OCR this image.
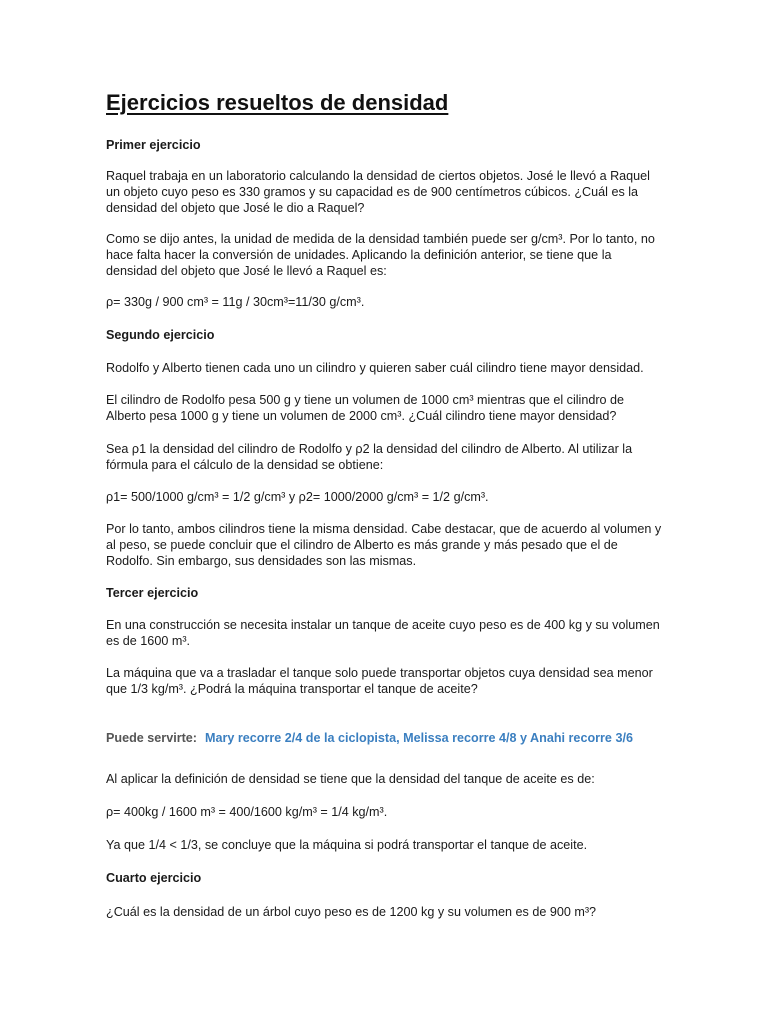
Ejercicios resueltos de densidad

Primer ejercicio

Raquel trabaja en un laboratorio calculando la densidad de ciertos objetos. José le llevó a Raquel un objeto cuyo peso es 330 gramos y su capacidad es de 900 centímetros cúbicos. ¿Cuál es la densidad del objeto que José le dio a Raquel?

Como se dijo antes, la unidad de medida de la densidad también puede ser g/cm³. Por lo tanto, no hace falta hacer la conversión de unidades. Aplicando la definición anterior, se tiene que la densidad del objeto que José le llevó a Raquel es:

ρ= 330g / 900 cm³ = 11g / 30cm³=11/30 g/cm³.

Segundo ejercicio

Rodolfo y Alberto tienen cada uno un cilindro y quieren saber cuál cilindro tiene mayor densidad.

El cilindro de Rodolfo pesa 500 g y tiene un volumen de 1000 cm³ mientras que el cilindro de Alberto pesa 1000 g y tiene un volumen de 2000 cm³. ¿Cuál cilindro tiene mayor densidad?

Sea ρ1 la densidad del cilindro de Rodolfo y ρ2 la densidad del cilindro de Alberto. Al utilizar la fórmula para el cálculo de la densidad se obtiene:

ρ1= 500/1000 g/cm³ = 1/2 g/cm³ y ρ2= 1000/2000 g/cm³ = 1/2 g/cm³.

Por lo tanto, ambos cilindros tiene la misma densidad. Cabe destacar, que de acuerdo al volumen y al peso, se puede concluir que el cilindro de Alberto es más grande y más pesado que el de Rodolfo. Sin embargo, sus densidades son las mismas.

Tercer ejercicio

En una construcción se necesita instalar un tanque de aceite cuyo peso es de 400 kg y su volumen es de 1600 m³.

La máquina que va a trasladar el tanque solo puede transportar objetos cuya densidad sea menor que 1/3 kg/m³. ¿Podrá la máquina transportar el tanque de aceite?

Puede servirte: Mary recorre 2/4 de la ciclopista, Melissa recorre 4/8 y Anahi recorre 3/6

Al aplicar la definición de densidad se tiene que la densidad del tanque de aceite es de:

ρ= 400kg / 1600 m³ = 400/1600 kg/m³ = 1/4 kg/m³.

Ya que 1/4 < 1/3, se concluye que la máquina si podrá transportar el tanque de aceite.

Cuarto ejercicio

¿Cuál es la densidad de un árbol cuyo peso es de 1200 kg y su volumen es de 900 m³?
